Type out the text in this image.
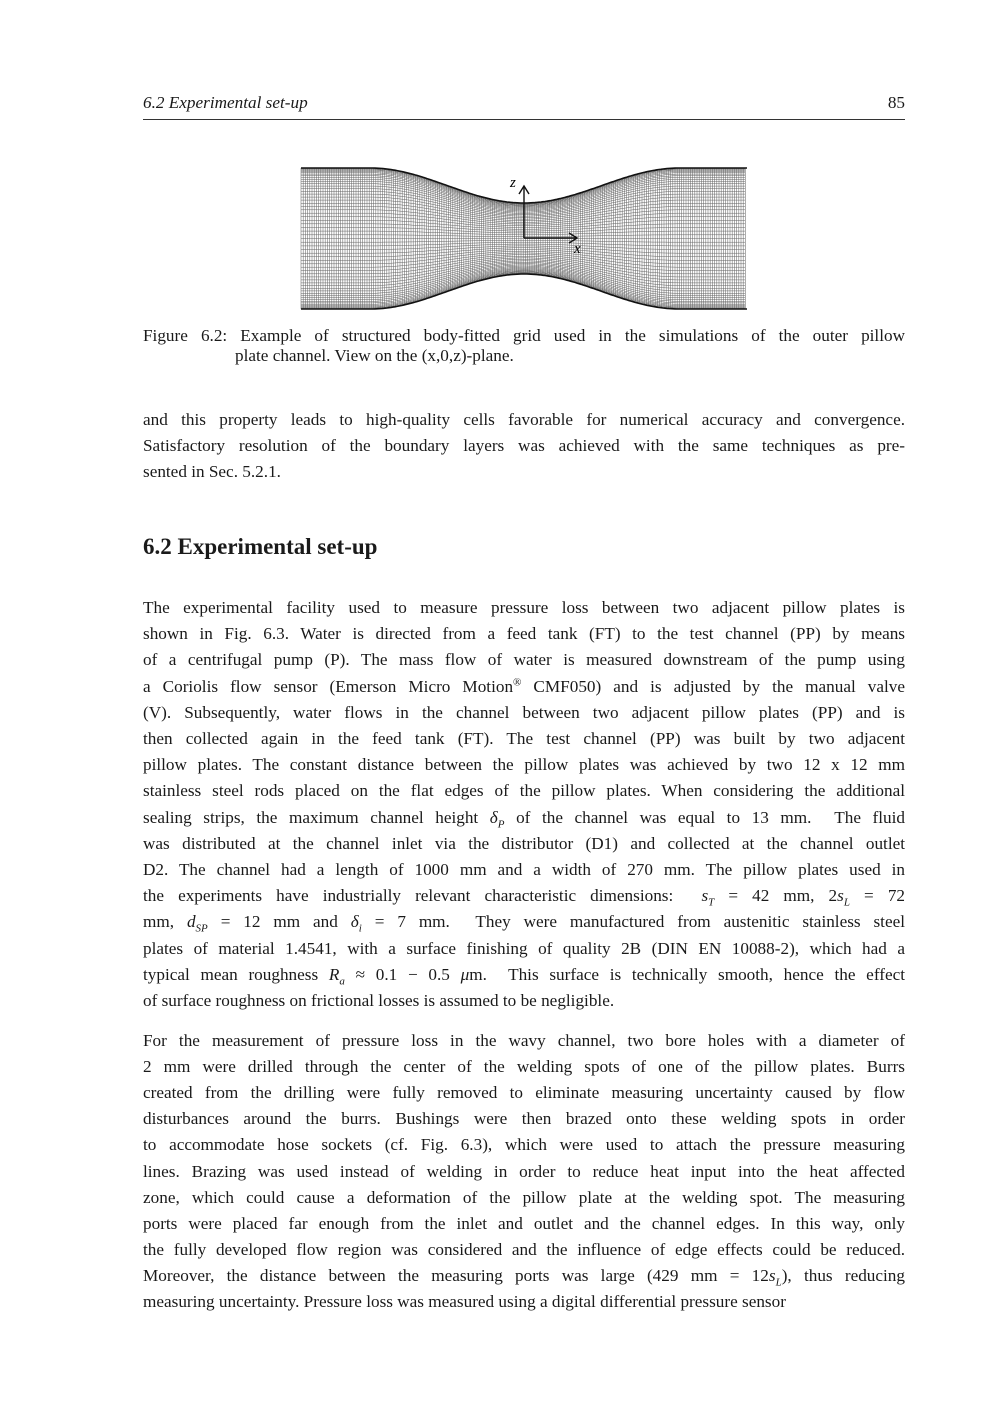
6.2 Experimental set-up	85
z
x
Figure 6.2: Example of structured body-fitted grid used in the simulations of the outer pillow
plate channel. View on the (x,0,z)-plane.
and this property leads to high-quality cells favorable for numerical accuracy and convergence.
Satisfactory resolution of the boundary layers was achieved with the same techniques as pre-
sented in Sec. 5.2.1.
6.2 Experimental set-up
The experimental facility used to measure pressure loss between two adjacent pillow plates is
shown in Fig. 6.3. Water is directed from a feed tank (FT) to the test channel (PP) by means
of a centrifugal pump (P). The mass flow of water is measured downstream of the pump using
a Coriolis flow sensor (Emerson Micro Motion® CMF050) and is adjusted by the manual valve
(V). Subsequently, water flows in the channel between two adjacent pillow plates (PP) and is
then collected again in the feed tank (FT). The test channel (PP) was built by two adjacent
pillow plates. The constant distance between the pillow plates was achieved by two 12 x 12 mm
stainless steel rods placed on the flat edges of the pillow plates. When considering the additional
sealing strips, the maximum channel height $\delta_P$ of the channel was equal to 13 mm.  The fluid
was distributed at the channel inlet via the distributor (D1) and collected at the channel outlet
D2. The channel had a length of 1000 mm and a width of 270 mm. The pillow plates used in
the experiments have industrially relevant characteristic dimensions:  $s_T = 42$ mm, $2s_L = 72$
mm, $d_{SP} = 12$ mm and $\delta_i = 7$ mm.  They were manufactured from austenitic stainless steel
plates of material 1.4541, with a surface finishing of quality 2B (DIN EN 10088-2), which had a
typical mean roughness $R_a \approx 0.1 - 0.5$ μm.  This surface is technically smooth, hence the effect
of surface roughness on frictional losses is assumed to be negligible.
For the measurement of pressure loss in the wavy channel, two bore holes with a diameter of
2 mm were drilled through the center of the welding spots of one of the pillow plates. Burrs
created from the drilling were fully removed to eliminate measuring uncertainty caused by flow
disturbances around the burrs. Bushings were then brazed onto these welding spots in order
to accommodate hose sockets (cf. Fig. 6.3), which were used to attach the pressure measuring
lines. Brazing was used instead of welding in order to reduce heat input into the heat affected
zone, which could cause a deformation of the pillow plate at the welding spot. The measuring
ports were placed far enough from the inlet and outlet and the channel edges. In this way, only
the fully developed flow region was considered and the influence of edge effects could be reduced.
Moreover, the distance between the measuring ports was large (429 mm = $12s_L$), thus reducing
measuring uncertainty. Pressure loss was measured using a digital differential pressure sensor
